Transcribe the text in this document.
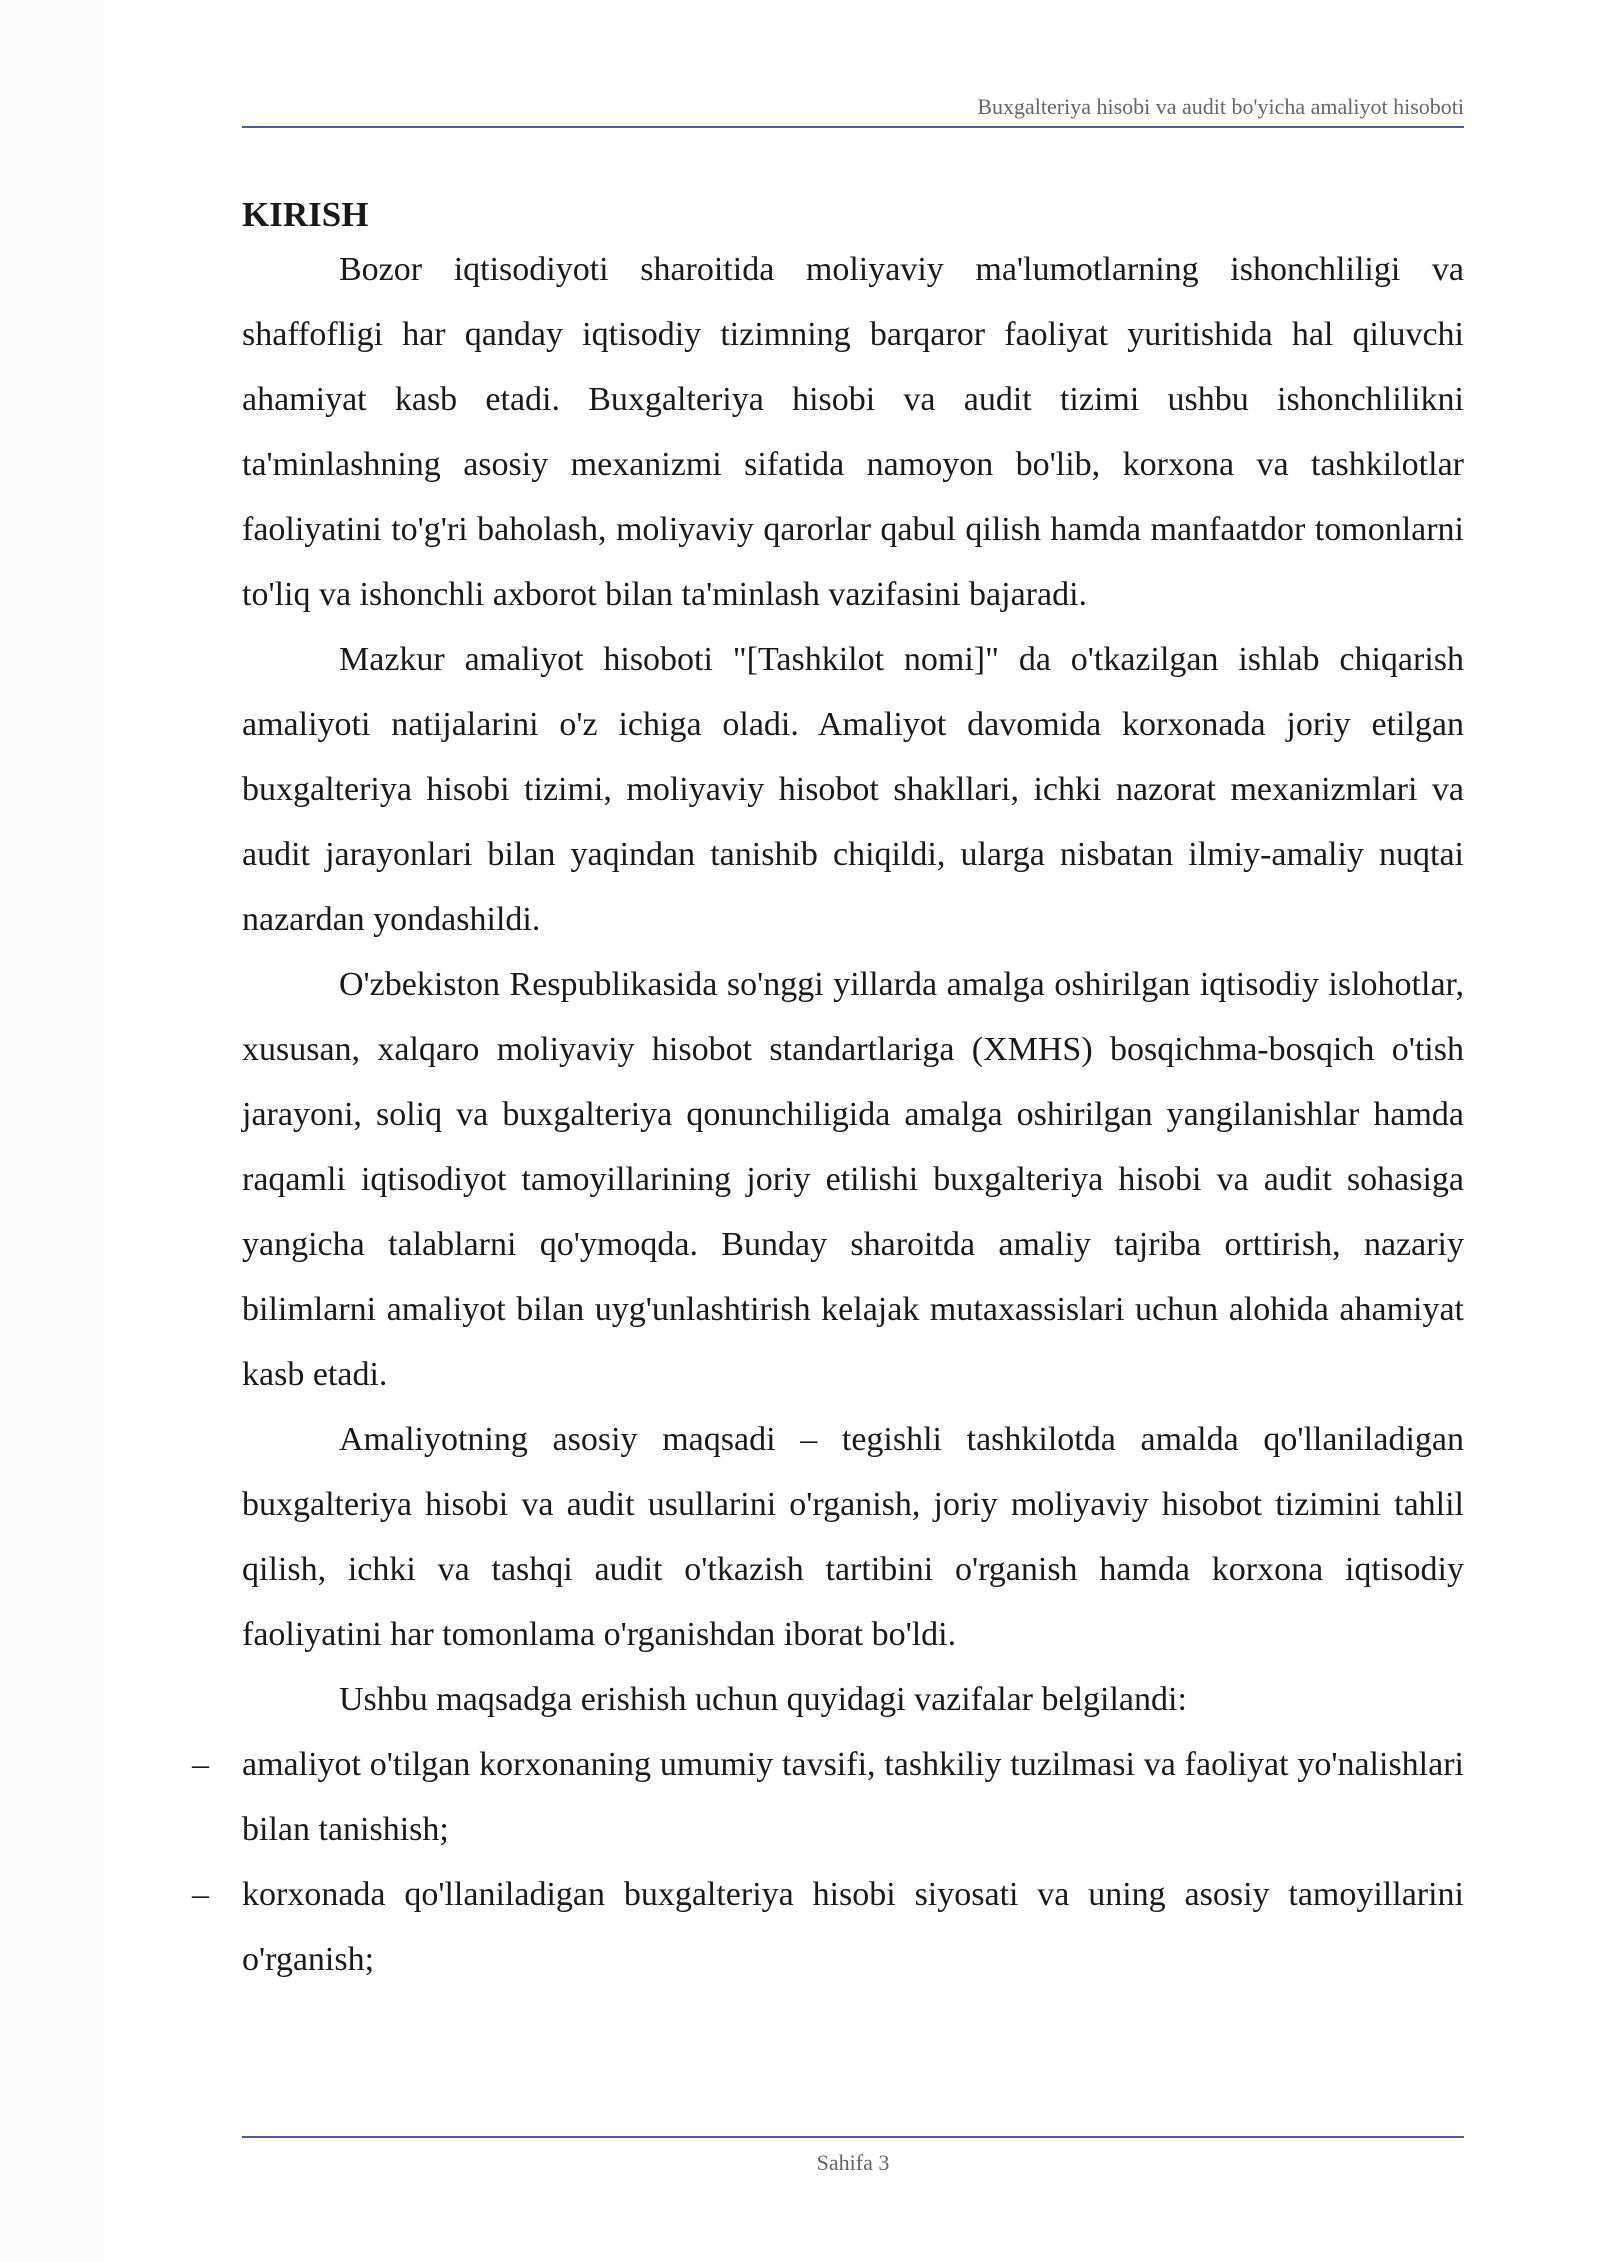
Buxgalteriya hisobi va audit bo'yicha amaliyot hisoboti
KIRISH

Bozor iqtisodiyoti sharoitida moliyaviy ma'lumotlarning ishonchliligi va shaffofligi har qanday iqtisodiy tizimning barqaror faoliyat yuritishida hal qiluvchi ahamiyat kasb etadi. Buxgalteriya hisobi va audit tizimi ushbu ishonchlilikni ta'minlashning asosiy mexanizmi sifatida namoyon bo'lib, korxona va tashkilotlar faoliyatini to'g'ri baholash, moliyaviy qarorlar qabul qilish hamda manfaatdor tomonlarni to'liq va ishonchli axborot bilan ta'minlash vazifasini bajaradi.

Mazkur amaliyot hisoboti "[Tashkilot nomi]" da o'tkazilgan ishlab chiqarish amaliyoti natijalarini o'z ichiga oladi. Amaliyot davomida korxonada joriy etilgan buxgalteriya hisobi tizimi, moliyaviy hisobot shakllari, ichki nazorat mexanizmlari va audit jarayonlari bilan yaqindan tanishib chiqildi, ularga nisbatan ilmiy-amaliy nuqtai nazardan yondashildi.

O'zbekiston Respublikasida so'nggi yillarda amalga oshirilgan iqtisodiy islohotlar, xususan, xalqaro moliyaviy hisobot standartlariga (XMHS) bosqichma-bosqich o'tish jarayoni, soliq va buxgalteriya qonunchiligida amalga oshirilgan yangilanishlar hamda raqamli iqtisodiyot tamoyillarining joriy etilishi buxgalteriya hisobi va audit sohasiga yangicha talablarni qo'ymoqda. Bunday sharoitda amaliy tajriba orttirish, nazariy bilimlarni amaliyot bilan uyg'unlashtirish kelajak mutaxassislari uchun alohida ahamiyat kasb etadi.

Amaliyotning asosiy maqsadi – tegishli tashkilotda amalda qo'llaniladigan buxgalteriya hisobi va audit usullarini o'rganish, joriy moliyaviy hisobot tizimini tahlil qilish, ichki va tashqi audit o'tkazish tartibini o'rganish hamda korxona iqtisodiy faoliyatini har tomonlama o'rganishdan iborat bo'ldi.

Ushbu maqsadga erishish uchun quyidagi vazifalar belgilandi:

– amaliyot o'tilgan korxonaning umumiy tavsifi, tashkiliy tuzilmasi va faoliyat yo'nalishlari bilan tanishish;
– korxonada qo'llaniladigan buxgalteriya hisobi siyosati va uning asosiy tamoyillarini o'rganish;
Sahifa 3
